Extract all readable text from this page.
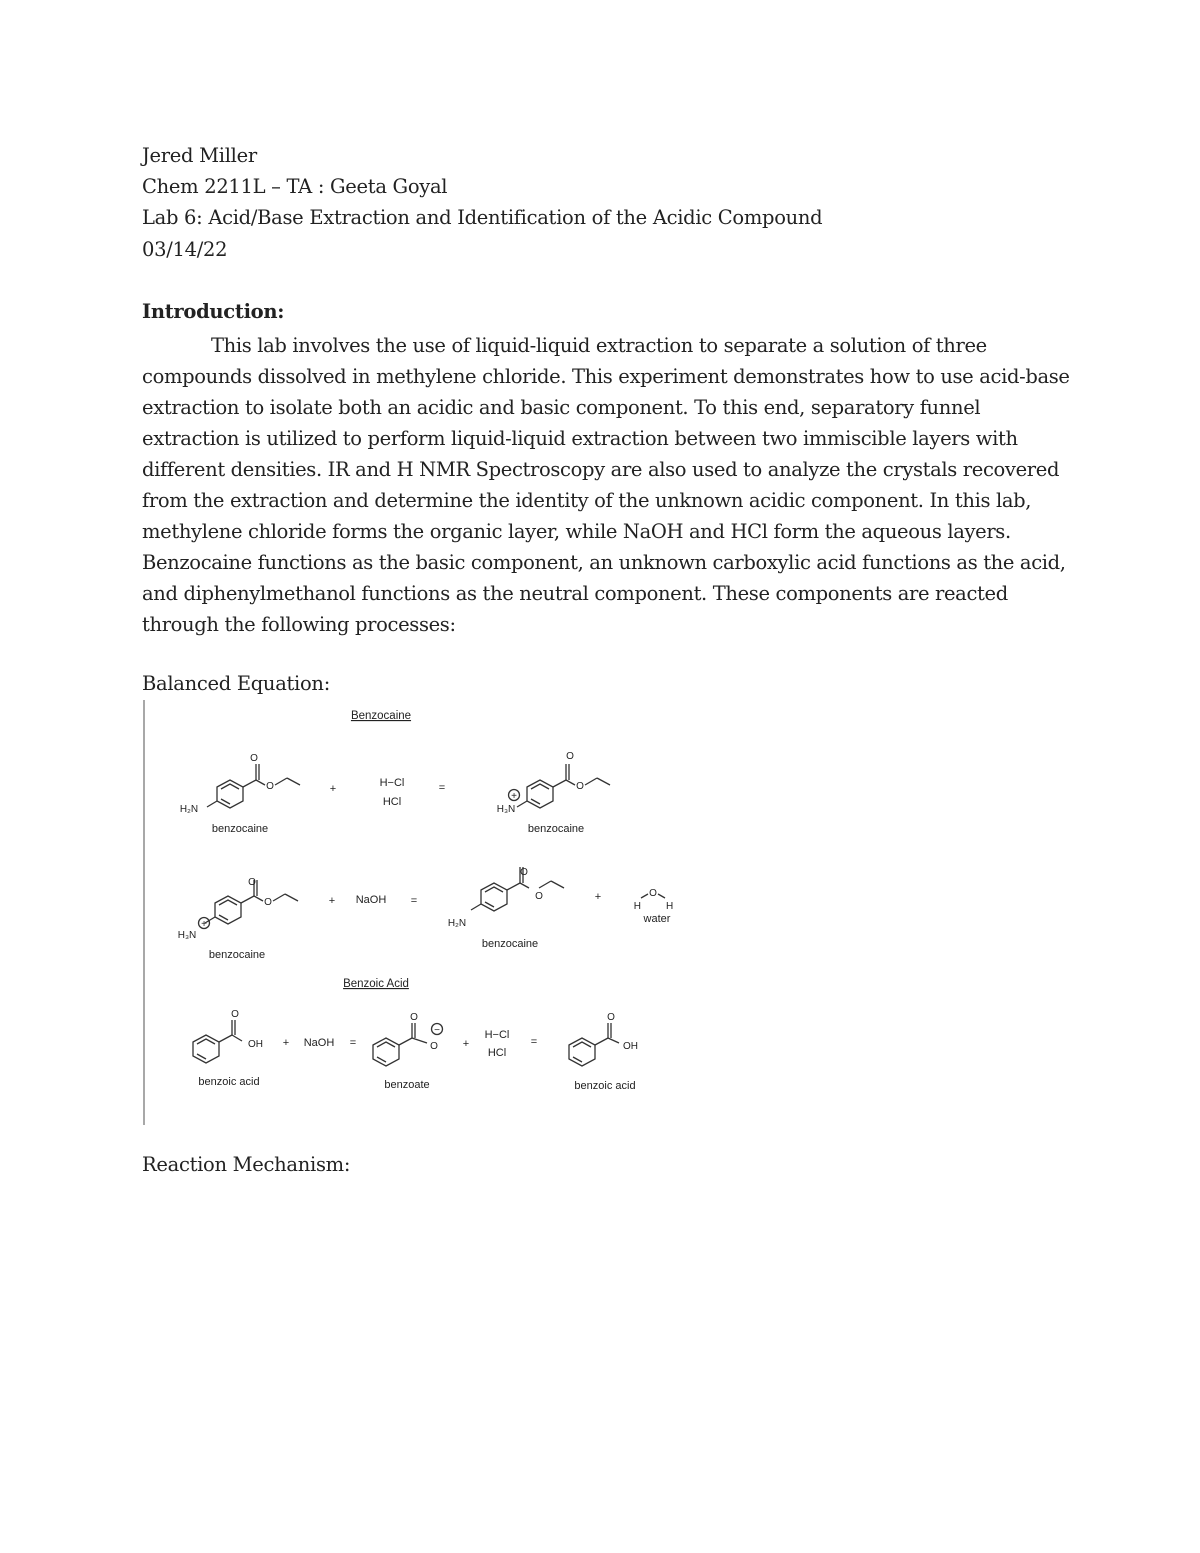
Jered Miller
Chem 2211L – TA : Geeta Goyal
Lab 6: Acid/Base Extraction and Identification of the Acidic Compound
03/14/22
Introduction:
This lab involves the use of liquid-liquid extraction to separate a solution of three
compounds dissolved in methylene chloride. This experiment demonstrates how to use acid-base
extraction to isolate both an acidic and basic component. To this end, separatory funnel
extraction is utilized to perform liquid-liquid extraction between two immiscible layers with
different densities. IR and H NMR Spectroscopy are also used to analyze the crystals recovered
from the extraction and determine the identity of the unknown acidic component. In this lab,
methylene chloride forms the organic layer, while NaOH and HCl form the aqueous layers.
Benzocaine functions as the basic component, an unknown carboxylic acid functions as the acid,
and diphenylmethanol functions as the neutral component. These components are reacted
through the following processes:
Balanced Equation:
Benzocaine
Benzoic Acid
O
O
H₂N
benzocaine
+	H−Cl
HCl
=
O
O
H₃N
+
benzocaine
O
O
H₃N
+
benzocaine
+ NaOH =
O
O
H₂N
benzocaine
+
H
O
H
water
O
OH
benzoic acid
+ NaOH =
O
O
−
benzoate
+
H−Cl
HCl
=
O
OH
benzoic acid
Reaction Mechanism:
